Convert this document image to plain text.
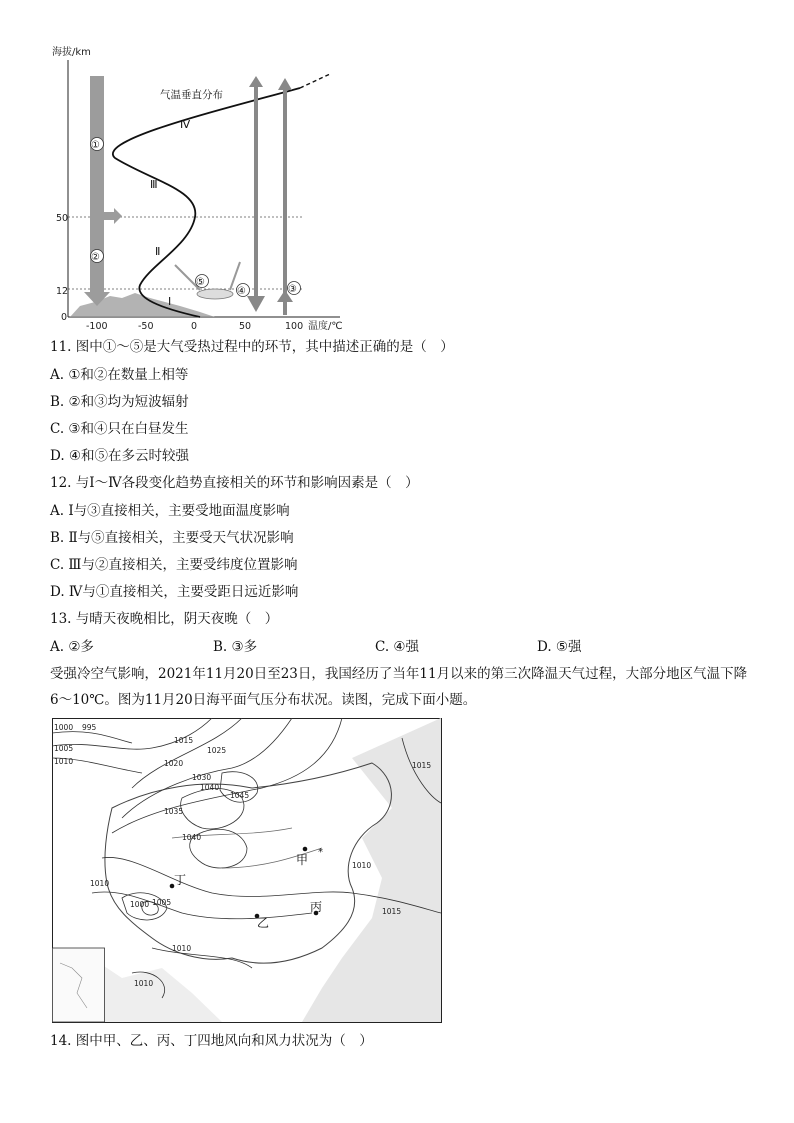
海拔/km
温度/℃
50
12
0
-100	-50	0	50	100
气温垂直分布
Ⅰ
Ⅱ
Ⅲ
Ⅳ
①
②
③
④	③
⑤
11. 图中①～⑤是大气受热过程中的环节，其中描述正确的是（　）
A. ①和②在数量上相等
B. ②和③均为短波辐射
C. ③和④只在白昼发生
D. ④和⑤在多云时较强
12. 与Ⅰ～Ⅳ各段变化趋势直接相关的环节和影响因素是（　）
A. Ⅰ与③直接相关，主要受地面温度影响
B. Ⅱ与⑤直接相关，主要受天气状况影响
C. Ⅲ与②直接相关，主要受纬度位置影响
D. Ⅳ与①直接相关，主要受距日远近影响
13. 与晴天夜晚相比，阴天夜晚（　）
A. ②多	B. ③多	C. ④强	D. ⑤强
受强冷空气影响，2021年11月20日至23日，我国经历了当年11月以来的第三次降温天气过程，大部分地区气温下降6～10℃。图为11月20日海平面气压分布状况。读图，完成下面小题。
995
1000
1005
1010
1015
1020
1025
1030
1035
1040
1045
1040
1015
1015
1010
1010
1000 1005
1010
1010
甲
*
乙
丙
丁
14. 图中甲、乙、丙、丁四地风向和风力状况为（　）
